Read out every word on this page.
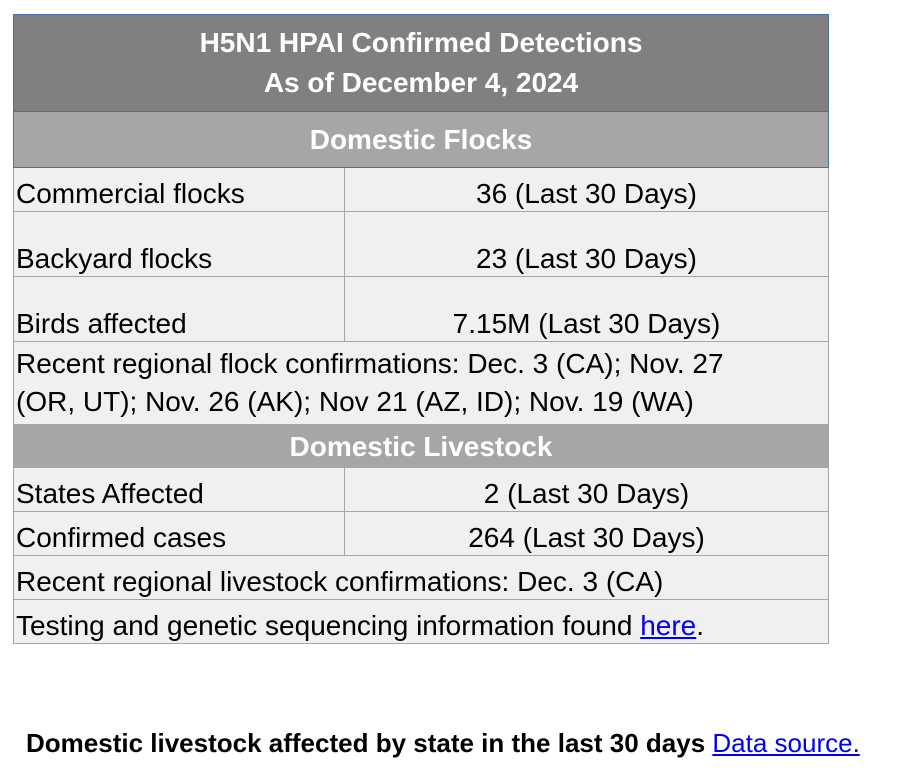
H5N1 HPAI Confirmed Detections
As of December 4, 2024	

Domestic Flocks	
Commercial flocks	36 (Last 30 Days)
Backyard flocks	23 (Last 30 Days)
Birds affected	7.15M (Last 30 Days)

Recent regional flock confirmations: Dec. 3 (CA); Nov. 27
(OR, UT); Nov. 26 (AK); Nov 21 (AZ, ID); Nov. 19 (WA)	

Domestic Livestock	
States Affected	2 (Last 30 Days)
Confirmed cases	264 (Last 30 Days)
Recent regional livestock confirmations: Dec. 3 (CA)	
Testing and genetic sequencing information found here.	
Domestic livestock affected by state in the last 30 days Data source.
